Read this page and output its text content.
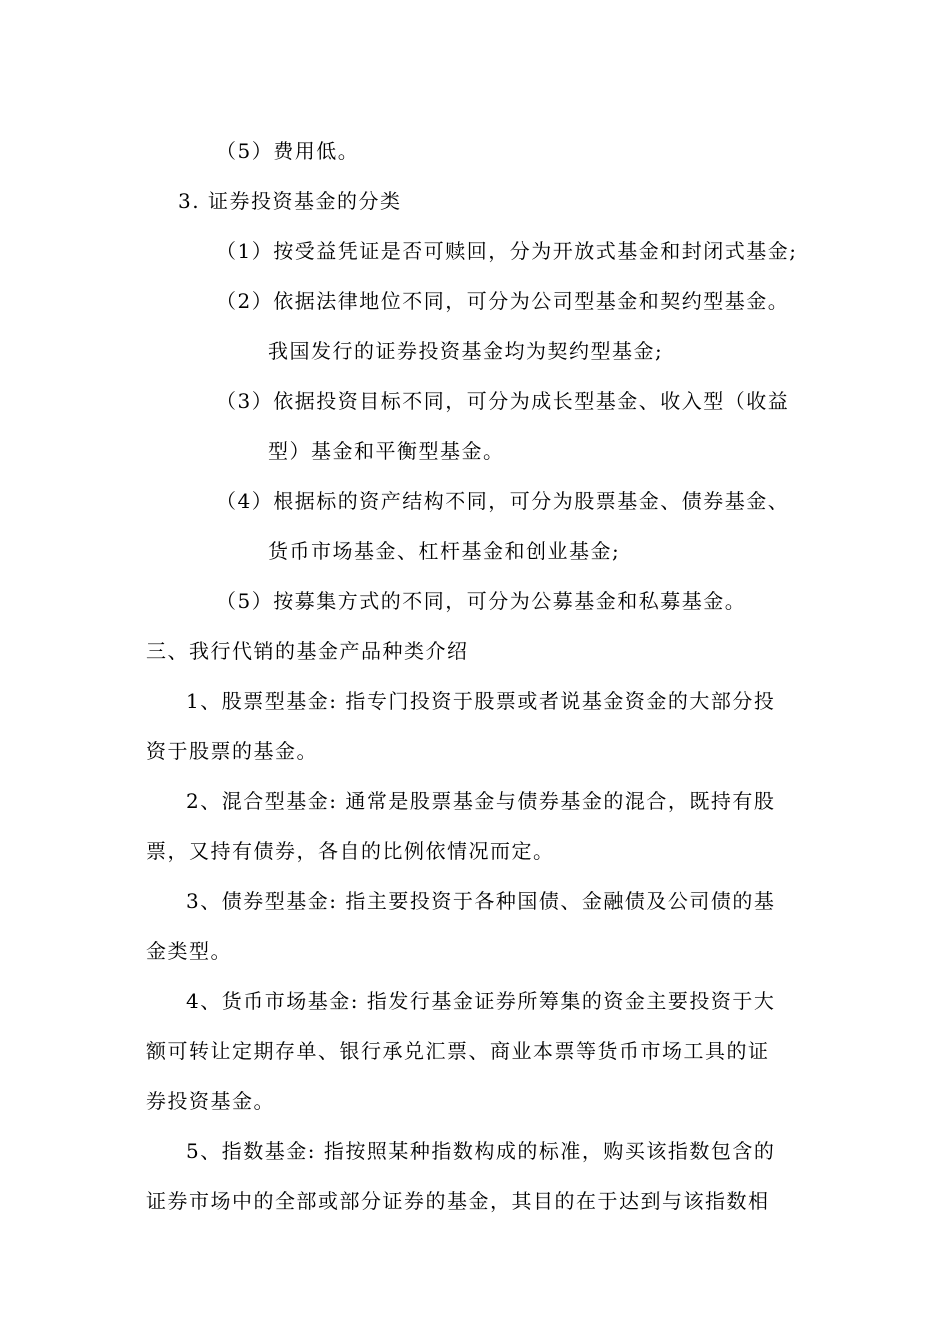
（5）费用低。
3. 证券投资基金的分类
（1）按受益凭证是否可赎回，分为开放式基金和封闭式基金;
（2）依据法律地位不同，可分为公司型基金和契约型基金。
我国发行的证券投资基金均为契约型基金;
（3）依据投资目标不同，可分为成长型基金、收入型（收益
型）基金和平衡型基金。
（4）根据标的资产结构不同，可分为股票基金、债券基金、
货币市场基金、杠杆基金和创业基金;
（5）按募集方式的不同，可分为公募基金和私募基金。
三、我行代销的基金产品种类介绍
1、股票型基金: 指专门投资于股票或者说基金资金的大部分投
资于股票的基金。
2、混合型基金: 通常是股票基金与债券基金的混合，既持有股
票，又持有债券，各自的比例依情况而定。
3、债券型基金: 指主要投资于各种国债、金融债及公司债的基
金类型。
4、货币市场基金: 指发行基金证券所筹集的资金主要投资于大
额可转让定期存单、银行承兑汇票、商业本票等货币市场工具的证
券投资基金。
5、指数基金: 指按照某种指数构成的标准，购买该指数包含的
证券市场中的全部或部分证券的基金，其目的在于达到与该指数相
